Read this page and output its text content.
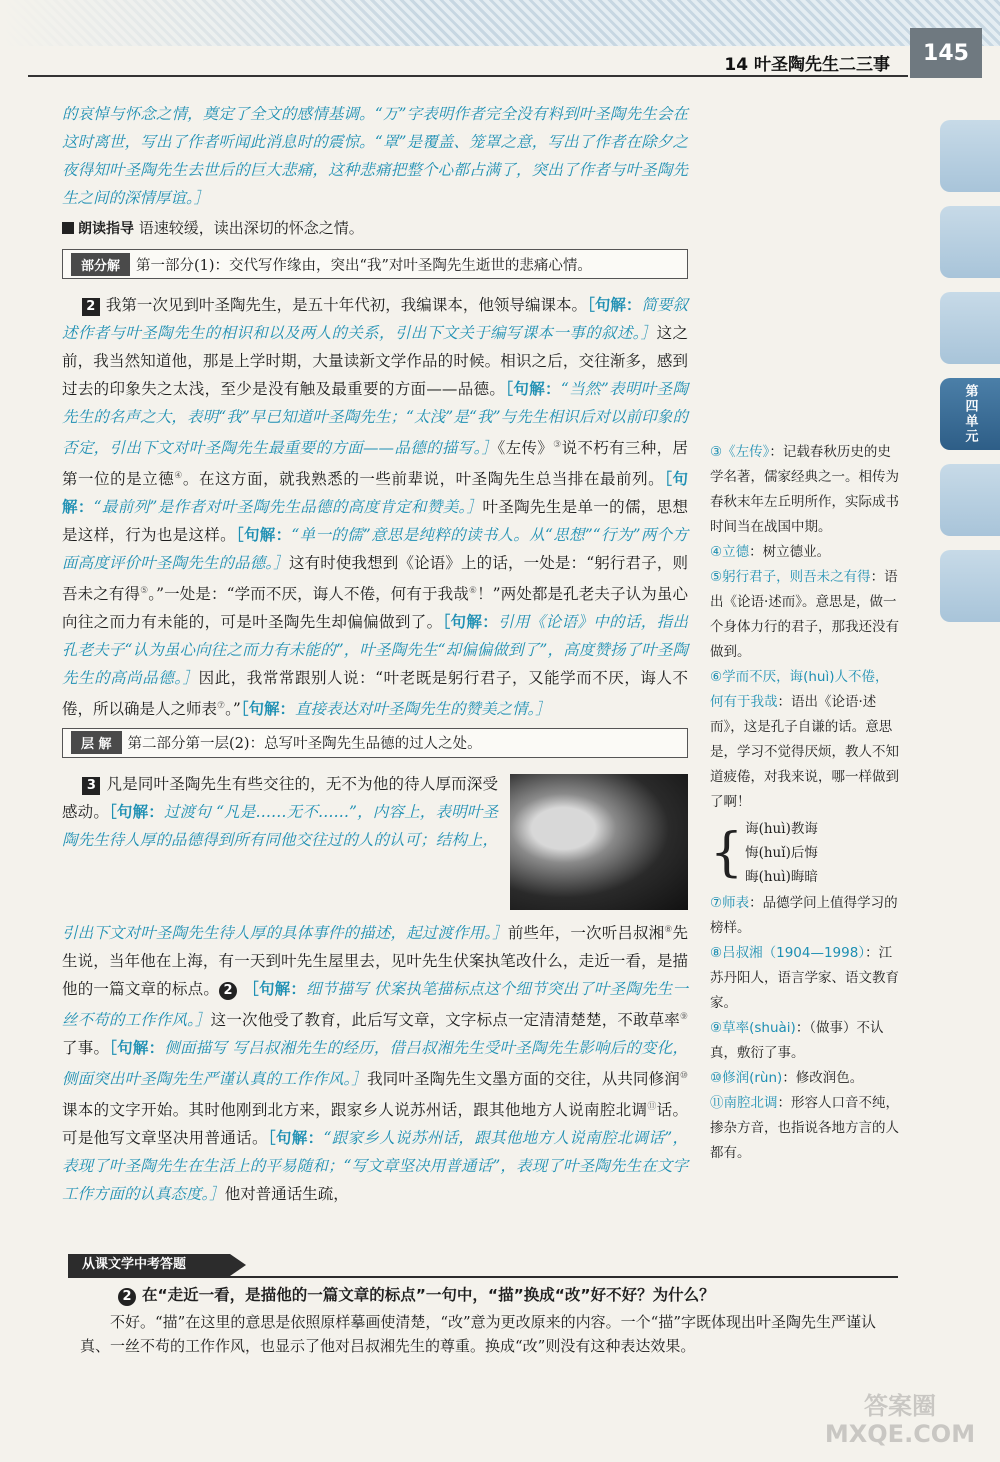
14 叶圣陶先生二三事	145
第四单元

的哀悼与怀念之情，奠定了全文的感情基调。“万”字表明作者完全没有料到叶圣陶先生会在这时离世，写出了作者听闻此消息时的震惊。“罩”是覆盖、笼罩之意，写出了作者在除夕之夜得知叶圣陶先生去世后的巨大悲痛，这种悲痛把整个心都占满了，突出了作者与叶圣陶先生之间的深情厚谊。］

朗读指导 语速较缓，读出深切的怀念之情。
部分解	第一部分(1)：交代写作缘由，突出“我”对叶圣陶先生逝世的悲痛心情。

2 我第一次见到叶圣陶先生，是五十年代初，我编课本，他领导编课本。［句解：简要叙述作者与叶圣陶先生的相识和以及两人的关系，引出下文关于编写课本一事的叙述。］这之前，我当然知道他，那是上学时期，大量读新文学作品的时候。相识之后，交往渐多，感到过去的印象失之太浅，至少是没有触及最重要的方面——品德。［句解：“当然”表明叶圣陶先生的名声之大，表明“我”早已知道叶圣陶先生；“太浅”是“我”与先生相识后对以前印象的否定，引出下文对叶圣陶先生最重要的方面——品德的描写。］《左传》③说不朽有三种，居第一位的是立德④。在这方面，就我熟悉的一些前辈说，叶圣陶先生总当排在最前列。［句解：“最前列”是作者对叶圣陶先生品德的高度肯定和赞美。］叶圣陶先生是单一的儒，思想是这样，行为也是这样。［句解：“单一的儒”意思是纯粹的读书人。从“思想”“行为”两个方面高度评价叶圣陶先生的品德。］这有时使我想到《论语》上的话，一处是：“躬行君子，则吾未之有得⑤。”一处是：“学而不厌，诲人不倦，何有于我哉⑥！”两处都是孔老夫子认为虽心向往之而力有未能的，可是叶圣陶先生却偏偏做到了。［句解：引用《论语》中的话，指出孔老夫子“认为虽心向往之而力有未能的”，叶圣陶先生“却偏偏做到了”，高度赞扬了叶圣陶先生的高尚品德。］因此，我常常跟别人说：“叶老既是躬行君子，又能学而不厌，诲人不倦，所以确是人之师表⑦。”［句解：直接表达对叶圣陶先生的赞美之情。］

层 解	第二部分第一层(2)：总写叶圣陶先生品德的过人之处。

3 凡是同叶圣陶先生有些交往的，无不为他的待人厚而深受感动。［句解：过渡句 “凡是……无不……”，内容上，表明叶圣陶先生待人厚的品德得到所有同他交往过的人的认可；结构上，引出下文对叶圣陶先生待人厚的具体事件的描述，起过渡作用。］前些年，一次听吕叔湘⑧先生说，当年他在上海，有一天到叶先生屋里去，见叶先生伏案执笔改什么，走近一看，是描他的一篇文章的标点。 2 ［句解：细节描写 伏案执笔描标点这个细节突出了叶圣陶先生一丝不苟的工作作风。］这一次他受了教育，此后写文章，文字标点一定清清楚楚，不敢草率⑨了事。［句解：侧面描写 写吕叔湘先生的经历，借吕叔湘先生受叶圣陶先生影响后的变化，侧面突出叶圣陶先生严谨认真的工作作风。］我同叶圣陶先生文墨方面的交往，从共同修润⑩课本的文字开始。其时他刚到北方来，跟家乡人说苏州话，跟其他地方人说南腔北调⑪话。可是他写文章坚决用普通话。［句解：“跟家乡人说苏州话，跟其他地方人说南腔北调话”，表现了叶圣陶先生在生活上的平易随和；“写文章坚决用普通话”，表现了叶圣陶先生在文字工作方面的认真态度。］他对普通话生疏，

③《左传》：记载春秋历史的史学名著，儒家经典之一。相传为春秋末年左丘明所作，实际成书时间当在战国中期。
④立德：树立德业。
⑤躬行君子，则吾未之有得：语出《论语·述而》。意思是，做一个身体力行的君子，那我还没有做到。
⑥学而不厌，诲(huì)人不倦，何有于我哉：语出《论语·述而》，这是孔子自谦的话。意思是，学习不觉得厌烦，教人不知道疲倦，对我来说，哪一样做到了啊！
{ 诲(huì)教诲
悔(huǐ)后悔
晦(huì)晦暗
⑦师表：品德学问上值得学习的榜样。
⑧吕叔湘（1904—1998）：江苏丹阳人，语言学家、语文教育家。
⑨草率(shuài)：（做事）不认真，敷衍了事。
⑩修润(rùn)：修改润色。
⑪南腔北调：形容人口音不纯，掺杂方音，也指说各地方言的人都有。
从课文学中考答题
2 在“走近一看，是描他的一篇文章的标点”一句中，“描”换成“改”好不好？为什么？
不好。“描”在这里的意思是依照原样摹画使清楚，“改”意为更改原来的内容。一个“描”字既体现出叶圣陶先生严谨认真、一丝不苟的工作作风，也显示了他对吕叔湘先生的尊重。换成“改”则没有这种表达效果。
答案圈
MXQE.COM
